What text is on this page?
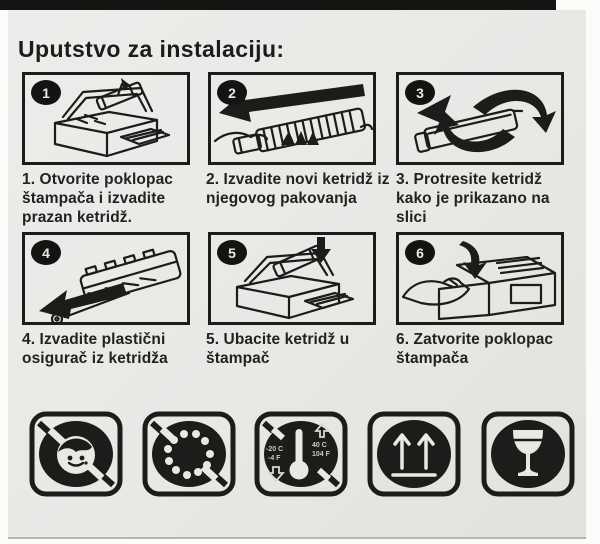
Uputstvo za instalaciju:
1	2	3
4	5	6
1. Otvorite poklopac štampača i izvadite prazan ketridž.
2. Izvadite novi ketridž iz njegovog pakovanja
3. Protresite ketridž kako je prikazano na slici
4. Izvadite plastični osigurač iz ketridža
5. Ubacite ketridž u štampač
6. Zatvorite poklopac štampača
40 C
104 F
-20 C
-4 F
